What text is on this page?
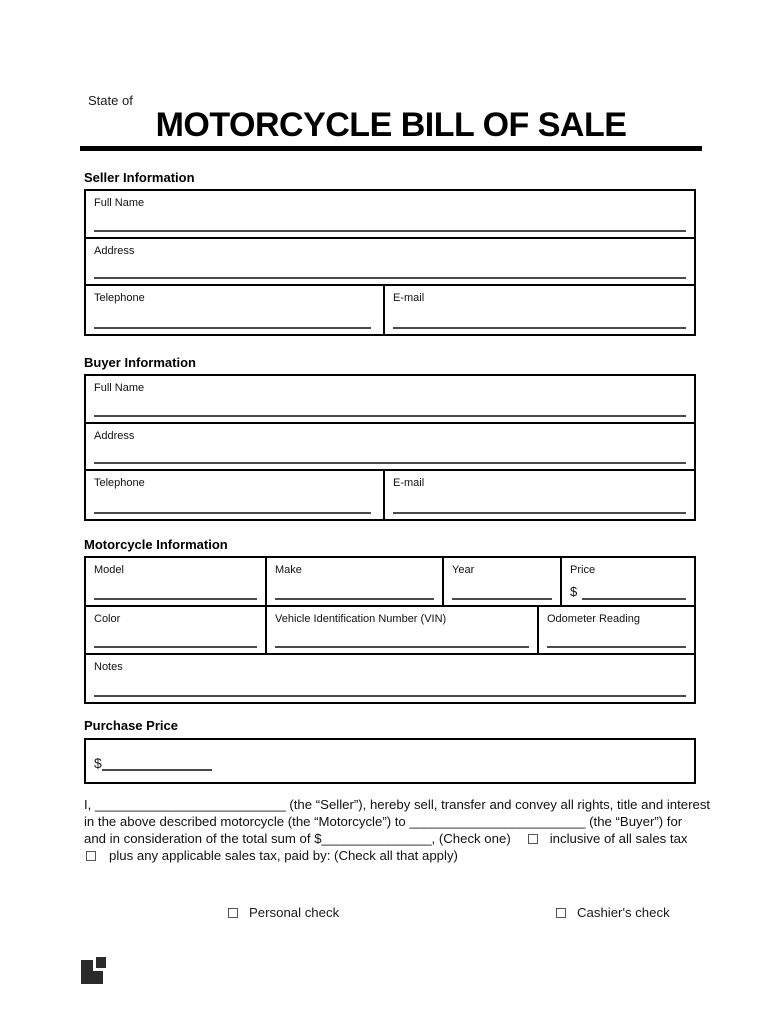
State of
MOTORCYCLE BILL OF SALE
Seller Information
Full Name
Address
Telephone	E-mail
Buyer Information
Full Name
Address
Telephone	E-mail
Motorcycle Information
Model	Make	Year	Price
$
Color	Vehicle Identification Number (VIN)	Odometer Reading
Notes
Purchase Price
$
I, __________________________ (the “Seller”), hereby sell, transfer and convey all rights, title and interest
in the above described motorcycle (the “Motorcycle”) to ________________________ (the “Buyer”) for
and in consideration of the total sum of $_______________, (Check one)	inclusive of all sales tax
plus any applicable sales tax, paid by: (Check all that apply)
Personal check	Cashier's check
